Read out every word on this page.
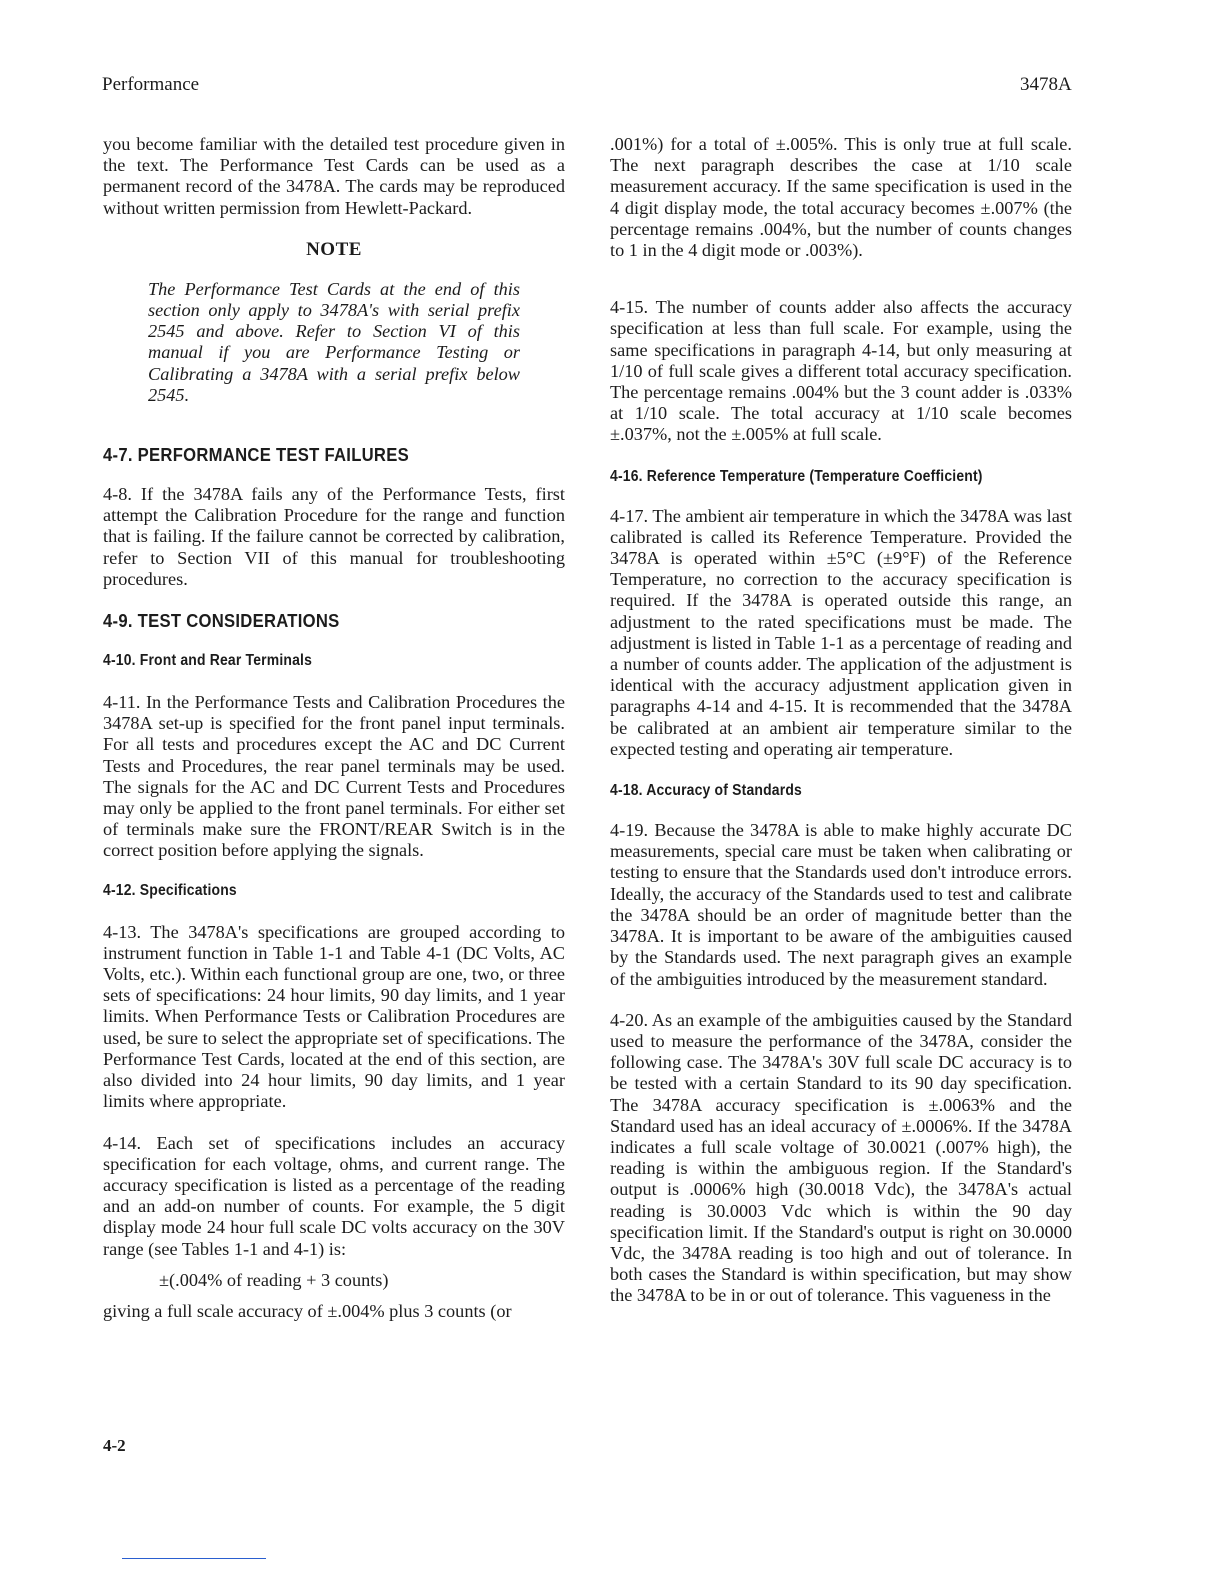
Performance	3478A

you become familiar with the detailed test procedure given in the text. The Performance Test Cards can be used as a permanent record of the 3478A. The cards may be reproduced without written permission from Hewlett-Packard.

NOTE

The Performance Test Cards at the end of this section only apply to 3478A's with serial prefix 2545 and above. Refer to Section VI of this manual if you are Performance Testing or Calibrating a 3478A with a serial prefix below 2545.

4-7. PERFORMANCE TEST FAILURES

4-8. If the 3478A fails any of the Performance Tests, first attempt the Calibration Procedure for the range and function that is failing. If the failure cannot be corrected by calibration, refer to Section VII of this manual for troubleshooting procedures.

4-9. TEST CONSIDERATIONS
4-10. Front and Rear Terminals

4-11. In the Performance Tests and Calibration Procedures the 3478A set-up is specified for the front panel input terminals. For all tests and procedures except the AC and DC Current Tests and Procedures, the rear panel terminals may be used. The signals for the AC and DC Current Tests and Procedures may only be applied to the front panel terminals. For either set of terminals make sure the FRONT/REAR Switch is in the correct position before applying the signals.

4-12. Specifications

4-13. The 3478A's specifications are grouped according to instrument function in Table 1-1 and Table 4-1 (DC Volts, AC Volts, etc.). Within each functional group are one, two, or three sets of specifications: 24 hour limits, 90 day limits, and 1 year limits. When Performance Tests or Calibration Procedures are used, be sure to select the appropriate set of specifications. The Performance Test Cards, located at the end of this section, are also divided into 24 hour limits, 90 day limits, and 1 year limits where appropriate.

4-14. Each set of specifications includes an accuracy specification for each voltage, ohms, and current range. The accuracy specification is listed as a percentage of the reading and an add-on number of counts. For example, the 5 digit display mode 24 hour full scale DC volts accuracy on the 30V range (see Tables 1-1 and 4-1) is:

±(.004% of reading + 3 counts)

giving a full scale accuracy of ±.004% plus 3 counts (or

.001%) for a total of ±.005%. This is only true at full scale. The next paragraph describes the case at 1/10 scale measurement accuracy. If the same specification is used in the 4 digit display mode, the total accuracy becomes ±.007% (the percentage remains .004%, but the number of counts changes to 1 in the 4 digit mode or .003%).

4-15. The number of counts adder also affects the accuracy specification at less than full scale. For example, using the same specifications in paragraph 4-14, but only measuring at 1/10 of full scale gives a different total accuracy specification. The percentage remains .004% but the 3 count adder is .033% at 1/10 scale. The total accuracy at 1/10 scale becomes ±.037%, not the ±.005% at full scale.

4-16. Reference Temperature (Temperature Coefficient)

4-17. The ambient air temperature in which the 3478A was last calibrated is called its Reference Temperature. Provided the 3478A is operated within ±5°C (±9°F) of the Reference Temperature, no correction to the accuracy specification is required. If the 3478A is operated outside this range, an adjustment to the rated specifications must be made. The adjustment is listed in Table 1-1 as a percentage of reading and a number of counts adder. The application of the adjustment is identical with the accuracy adjustment application given in paragraphs 4-14 and 4-15. It is recommended that the 3478A be calibrated at an ambient air temperature similar to the expected testing and operating air temperature.

4-18. Accuracy of Standards

4-19. Because the 3478A is able to make highly accurate DC measurements, special care must be taken when calibrating or testing to ensure that the Standards used don't introduce errors. Ideally, the accuracy of the Standards used to test and calibrate the 3478A should be an order of magnitude better than the 3478A. It is important to be aware of the ambiguities caused by the Standards used. The next paragraph gives an example of the ambiguities introduced by the measurement standard.

4-20. As an example of the ambiguities caused by the Standard used to measure the performance of the 3478A, consider the following case. The 3478A's 30V full scale DC accuracy is to be tested with a certain Standard to its 90 day specification. The 3478A accuracy specification is ±.0063% and the Standard used has an ideal accuracy of ±.0006%. If the 3478A indicates a full scale voltage of 30.0021 (.007% high), the reading is within the ambiguous region. If the Standard's output is .0006% high (30.0018 Vdc), the 3478A's actual reading is 30.0003 Vdc which is within the 90 day specification limit. If the Standard's output is right on 30.0000 Vdc, the 3478A reading is too high and out of tolerance. In both cases the Standard is within specification, but may show the 3478A to be in or out of tolerance. This vagueness in the

4-2
